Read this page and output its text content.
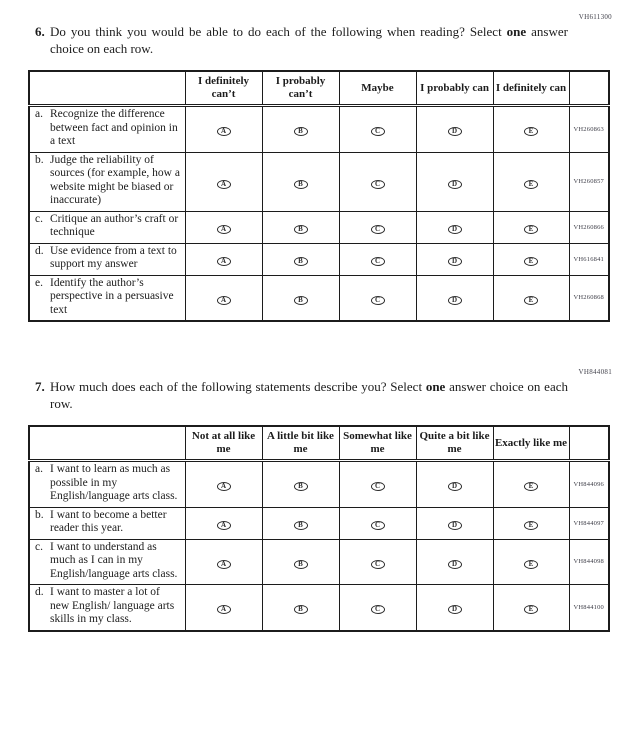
VH611300
6. Do you think you would be able to do each of the following when reading? Select one answer choice on each row.
	I definitely can’t	I probably can’t	Maybe	I probably can	I definitely can	

a. Recognize the difference between fact and opinion in a text	A	B	C	D	E	VH260863

b. Judge the reliability of sources (for example, how a website might be biased or inaccurate)	A	B	C	D	E	VH260857

c. Critique an author’s craft or technique	A	B	C	D	E	VH260866

d. Use evidence from a text to support my answer	A	B	C	D	E	VH616841

e. Identify the author’s perspective in a persuasive text	A	B	C	D	E	VH260868
VH844081
7. How much does each of the following statements describe you? Select one answer choice on each row.
	Not at all like me	A little bit like me	Somewhat like me	Quite a bit like me	Exactly like me	

a. I want to learn as much as possible in my English/language arts class.	A	B	C	D	E	VH844096

b. I want to become a better reader this year.	A	B	C	D	E	VH844097

c. I want to understand as much as I can in my English/language arts class.	A	B	C	D	E	VH844098

d. I want to master a lot of new English/ language arts skills in my class.	A	B	C	D	E	VH844100
